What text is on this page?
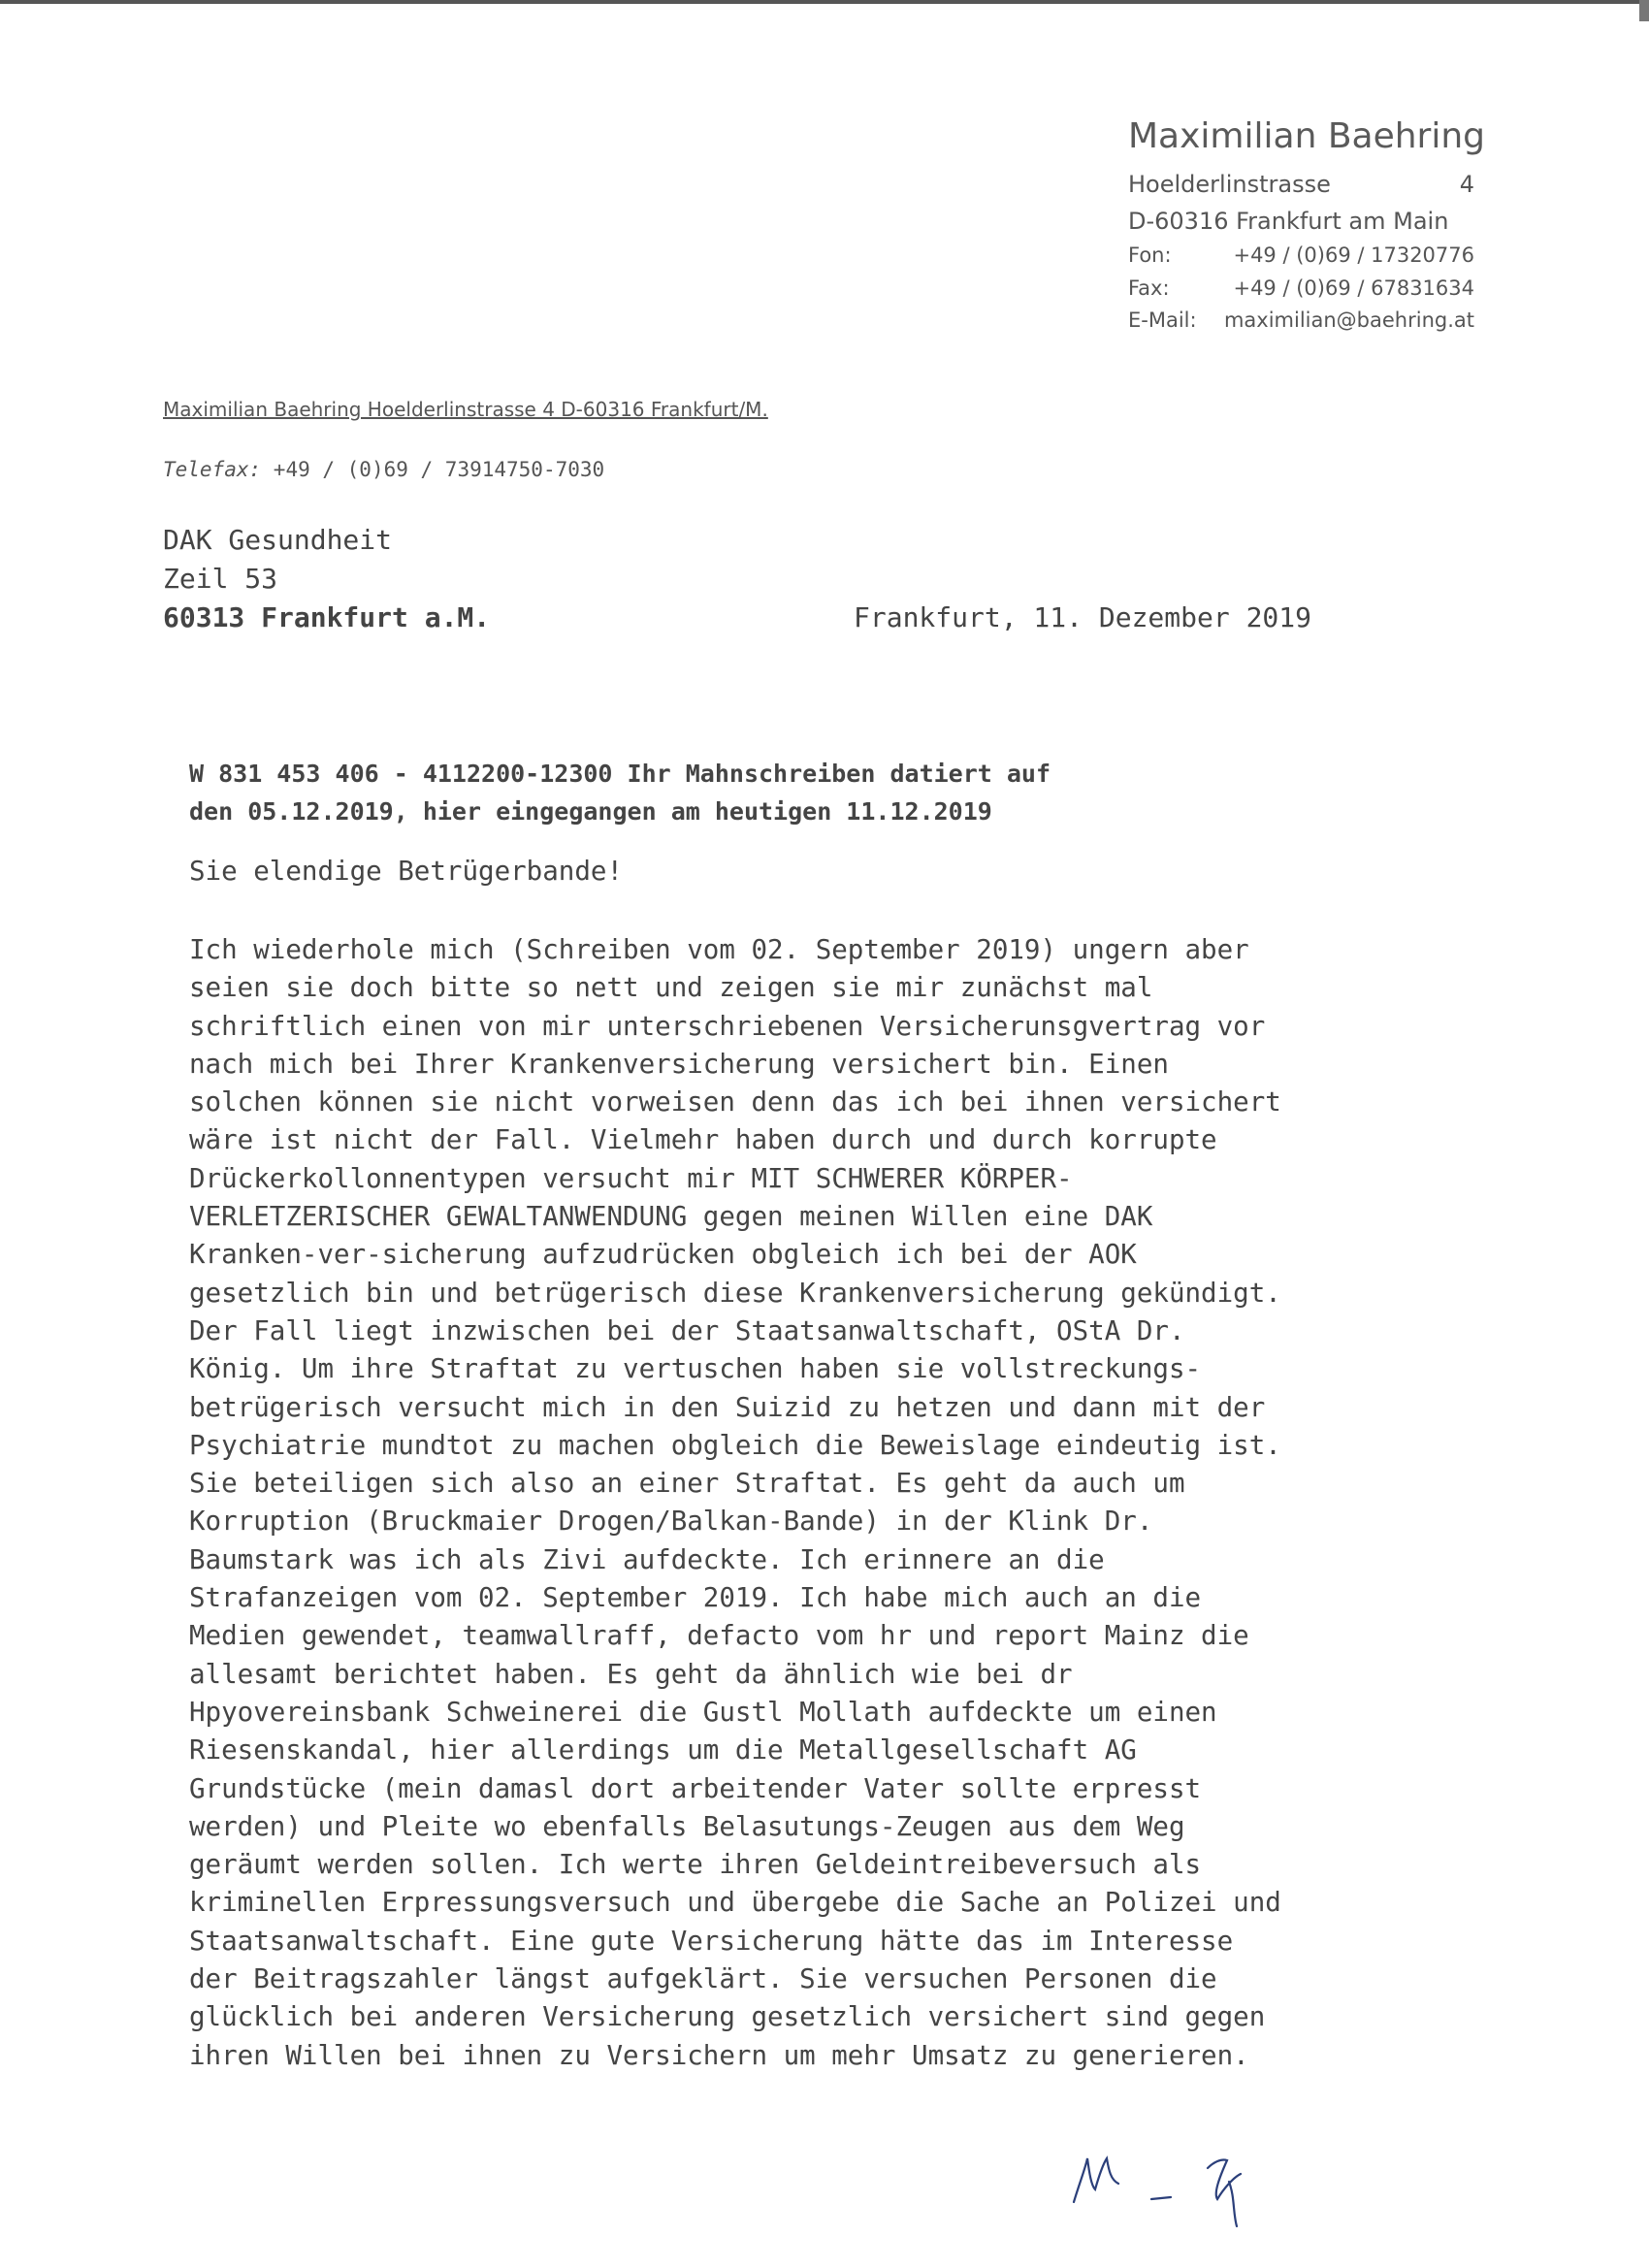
Maximilian Baehring
Hoelderlinstrasse	4
D-60316 Frankfurt am Main
Fon:	+49 / (0)69 / 17320776
Fax:	+49 / (0)69 / 67831634
E-Mail: maximilian@baehring.at
Maximilian Baehring Hoelderlinstrasse 4 D-60316 Frankfurt/M.
Telefax: +49 / (0)69 / 73914750-7030
DAK Gesundheit
Zeil 53
60313 Frankfurt a.M.	Frankfurt, 11. Dezember 2019
W 831 453 406 - 4112200-12300 Ihr Mahnschreiben datiert auf
den 05.12.2019, hier eingegangen am heutigen 11.12.2019
Sie elendige Betrügerbande!
Ich wiederhole mich (Schreiben vom 02. September 2019) ungern aber
seien sie doch bitte so nett und zeigen sie mir zunächst mal
schriftlich einen von mir unterschriebenen Versicherunsgvertrag vor
nach mich bei Ihrer Krankenversicherung versichert bin. Einen
solchen können sie nicht vorweisen denn das ich bei ihnen versichert
wäre ist nicht der Fall. Vielmehr haben durch und durch korrupte
Drückerkollonnentypen versucht mir MIT SCHWERER KÖRPER-
VERLETZERISCHER GEWALTANWENDUNG gegen meinen Willen eine DAK
Kranken-ver-sicherung aufzudrücken obgleich ich bei der AOK
gesetzlich bin und betrügerisch diese Krankenversicherung gekündigt.
Der Fall liegt inzwischen bei der Staatsanwaltschaft, OStA Dr.
König. Um ihre Straftat zu vertuschen haben sie vollstreckungs-
betrügerisch versucht mich in den Suizid zu hetzen und dann mit der
Psychiatrie mundtot zu machen obgleich die Beweislage eindeutig ist.
Sie beteiligen sich also an einer Straftat. Es geht da auch um
Korruption (Bruckmaier Drogen/Balkan-Bande) in der Klink Dr.
Baumstark was ich als Zivi aufdeckte. Ich erinnere an die
Strafanzeigen vom 02. September 2019. Ich habe mich auch an die
Medien gewendet, teamwallraff, defacto vom hr und report Mainz die
allesamt berichtet haben. Es geht da ähnlich wie bei dr
Hpyovereinsbank Schweinerei die Gustl Mollath aufdeckte um einen
Riesenskandal, hier allerdings um die Metallgesellschaft AG
Grundstücke (mein damasl dort arbeitender Vater sollte erpresst
werden) und Pleite wo ebenfalls Belasutungs-Zeugen aus dem Weg
geräumt werden sollen. Ich werte ihren Geldeintreibeversuch als
kriminellen Erpressungsversuch und übergebe die Sache an Polizei und
Staatsanwaltschaft. Eine gute Versicherung hätte das im Interesse
der Beitragszahler längst aufgeklärt. Sie versuchen Personen die
glücklich bei anderen Versicherung gesetzlich versichert sind gegen
ihren Willen bei ihnen zu Versichern um mehr Umsatz zu generieren.
